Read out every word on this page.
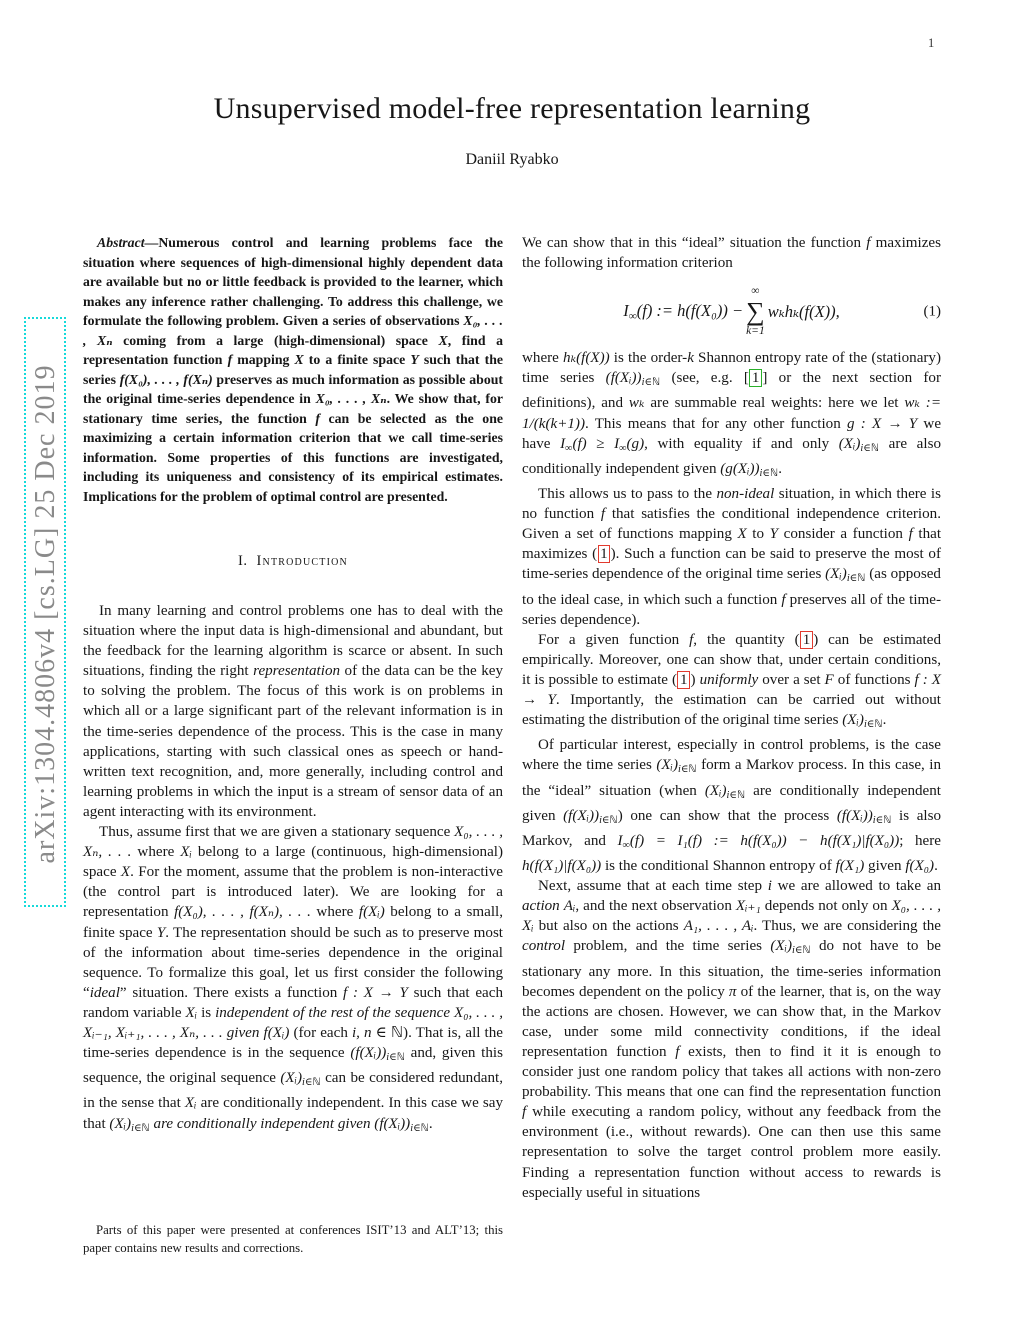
1
arXiv:1304.4806v4 [cs.LG] 25 Dec 2019
Unsupervised model-free representation learning
Daniil Ryabko

Abstract—Numerous control and learning problems face the situation where sequences of high-dimensional highly dependent data are available but no or little feedback is provided to the learner, which makes any inference rather challenging. To address this challenge, we formulate the following problem. Given a series of observations X₀, . . . , Xₙ coming from a large (high-dimensional) space X, find a representation function f mapping X to a finite space Y such that the series f(X₀), . . . , f(Xₙ) preserves as much information as possible about the original time-series dependence in X₀, . . . , Xₙ. We show that, for stationary time series, the function f can be selected as the one maximizing a certain information criterion that we call time-series information. Some properties of this functions are investigated, including its uniqueness and consistency of its empirical estimates. Implications for the problem of optimal control are presented.

I. Introduction

In many learning and control problems one has to deal with the situation where the input data is high-dimensional and abundant, but the feedback for the learning algorithm is scarce or absent. In such situations, finding the right representation of the data can be the key to solving the problem. The focus of this work is on problems in which all or a large significant part of the relevant information is in the time-series dependence of the process. This is the case in many applications, starting with such classical ones as speech or hand-written text recognition, and, more generally, including control and learning problems in which the input is a stream of sensor data of an agent interacting with its environment.

Thus, assume first that we are given a stationary sequence X₀, . . . , Xₙ, . . . where Xᵢ belong to a large (continuous, high-dimensional) space X. For the moment, assume that the problem is non-interactive (the control part is introduced later). We are looking for a representation f(X₀), . . . , f(Xₙ), . . . where f(Xᵢ) belong to a small, finite space Y. The representation should be such as to preserve most of the information about time-series dependence in the original sequence. To formalize this goal, let us first consider the following “ideal” situation. There exists a function f : X → Y such that each random variable Xᵢ is independent of the rest of the sequence X₀, . . . , Xᵢ₋₁, Xᵢ₊₁, . . . , Xₙ, . . . given f(Xᵢ) (for each i, n ∈ ℕ). That is, all the time-series dependence is in the sequence $(f(Xᵢ))_{i\in ℕ}$ and, given this sequence, the original sequence $(Xᵢ)_{i\in ℕ}$ can be considered redundant, in the sense that Xᵢ are conditionally independent. In this case we say that $(Xᵢ)_{i\in ℕ}$ are conditionally independent given $(f(Xᵢ))_{i\in ℕ}$.

Parts of this paper were presented at conferences ISIT’13 and ALT’13; this paper contains new results and corrections.

We can show that in this “ideal” situation the function f maximizes the following information criterion

$I_\infty(f)$ := h(f(X₀)) −
∞
∑
k=1
wₖhₖ(f(X)),	(1)

where hₖ(f(X)) is the order-k Shannon entropy rate of the (stationary) time series $(f(Xᵢ))_{i\in ℕ}$ (see, e.g. [ 1 ] or the next section for definitions), and wₖ are summable real weights: here we let wₖ := 1/(k(k+1)). This means that for any other function g : X → Y we have $I_\infty(f) \ge I_\infty(g)$, with equality if and only $(Xᵢ)_{i\in ℕ}$ are also conditionally independent given $(g(Xᵢ))_{i\in ℕ}$.

This allows us to pass to the non-ideal situation, in which there is no function f that satisfies the conditional independence criterion. Given a set of functions mapping X to Y consider a function f that maximizes ( 1 ). Such a function can be said to preserve the most of time-series dependence of the original time series $(Xᵢ)_{i\in ℕ}$ (as opposed to the ideal case, in which such a function f preserves all of the time-series dependence).

For a given function f, the quantity ( 1 ) can be estimated empirically. Moreover, one can show that, under certain conditions, it is possible to estimate ( 1 ) uniformly over a set F of functions f : X → Y. Importantly, the estimation can be carried out without estimating the distribution of the original time series $(Xᵢ)_{i\in ℕ}$.

Of particular interest, especially in control problems, is the case where the time series $(Xᵢ)_{i\in ℕ}$ form a Markov process. In this case, in the “ideal” situation (when $(Xᵢ)_{i\in ℕ}$ are conditionally independent given $(f(Xᵢ))_{i\in ℕ}$) one can show that the process $(f(Xᵢ))_{i\in ℕ}$ is also Markov, and $I_\infty(f) = I_1(f)$ := h(f(X₀)) − h(f(X₁)|f(X₀)); here h(f(X₁)|f(X₀)) is the conditional Shannon entropy of f(X₁) given f(X₀).

Next, assume that at each time step i we are allowed to take an action Aᵢ, and the next observation Xᵢ₊₁ depends not only on X₀, . . . , Xᵢ but also on the actions A₁, . . . , Aᵢ. Thus, we are considering the control problem, and the time series $(Xᵢ)_{i\in ℕ}$ do not have to be stationary any more. In this situation, the time-series information becomes dependent on the policy π of the learner, that is, on the way the actions are chosen. However, we can show that, in the Markov case, under some mild connectivity conditions, if the ideal representation function f exists, then to find it it is enough to consider just one random policy that takes all actions with non-zero probability. This means that one can find the representation function f while executing a random policy, without any feedback from the environment (i.e., without rewards). One can then use this same representation to solve the target control problem more easily. Finding a representation function without access to rewards is especially useful in situations
